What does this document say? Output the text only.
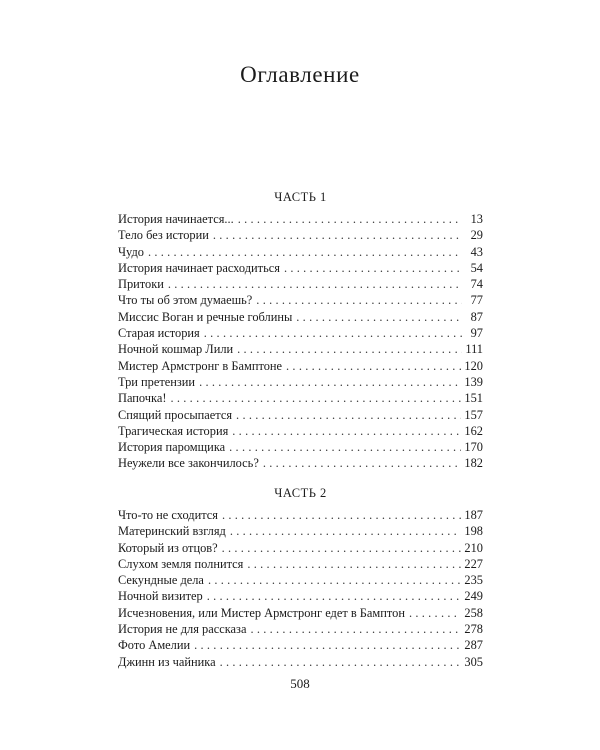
Оглавление
ЧАСТЬ 1
История начинается... . . .	13
Тело без истории . . .	29
Чудо . . .	43
История начинает расходиться . . .	54
Притоки . . .	74
Что ты об этом думаешь? . . .	77
Миссис Воган и речные гоблины . . .	87
Старая история . . .	97
Ночной кошмар Лили . . .	111
Мистер Армстронг в Бамптоне . . .	120
Три претензии . . .	139
Папочка! . . .	151
Спящий просыпается . . .	157
Трагическая история . . .	162
История паромщика . . .	170
Неужели все закончилось? . . .	182
ЧАСТЬ 2
Что-то не сходится . . .	187
Материнский взгляд . . .	198
Который из отцов? . . .	210
Слухом земля полнится . . .	227
Секундные дела . . .	235
Ночной визитер . . .	249
Исчезновения, или Мистер Армстронг едет в Бамптон . . .	258
История не для рассказа . . .	278
Фото Амелии . . .	287
Джинн из чайника . . .	305
508
